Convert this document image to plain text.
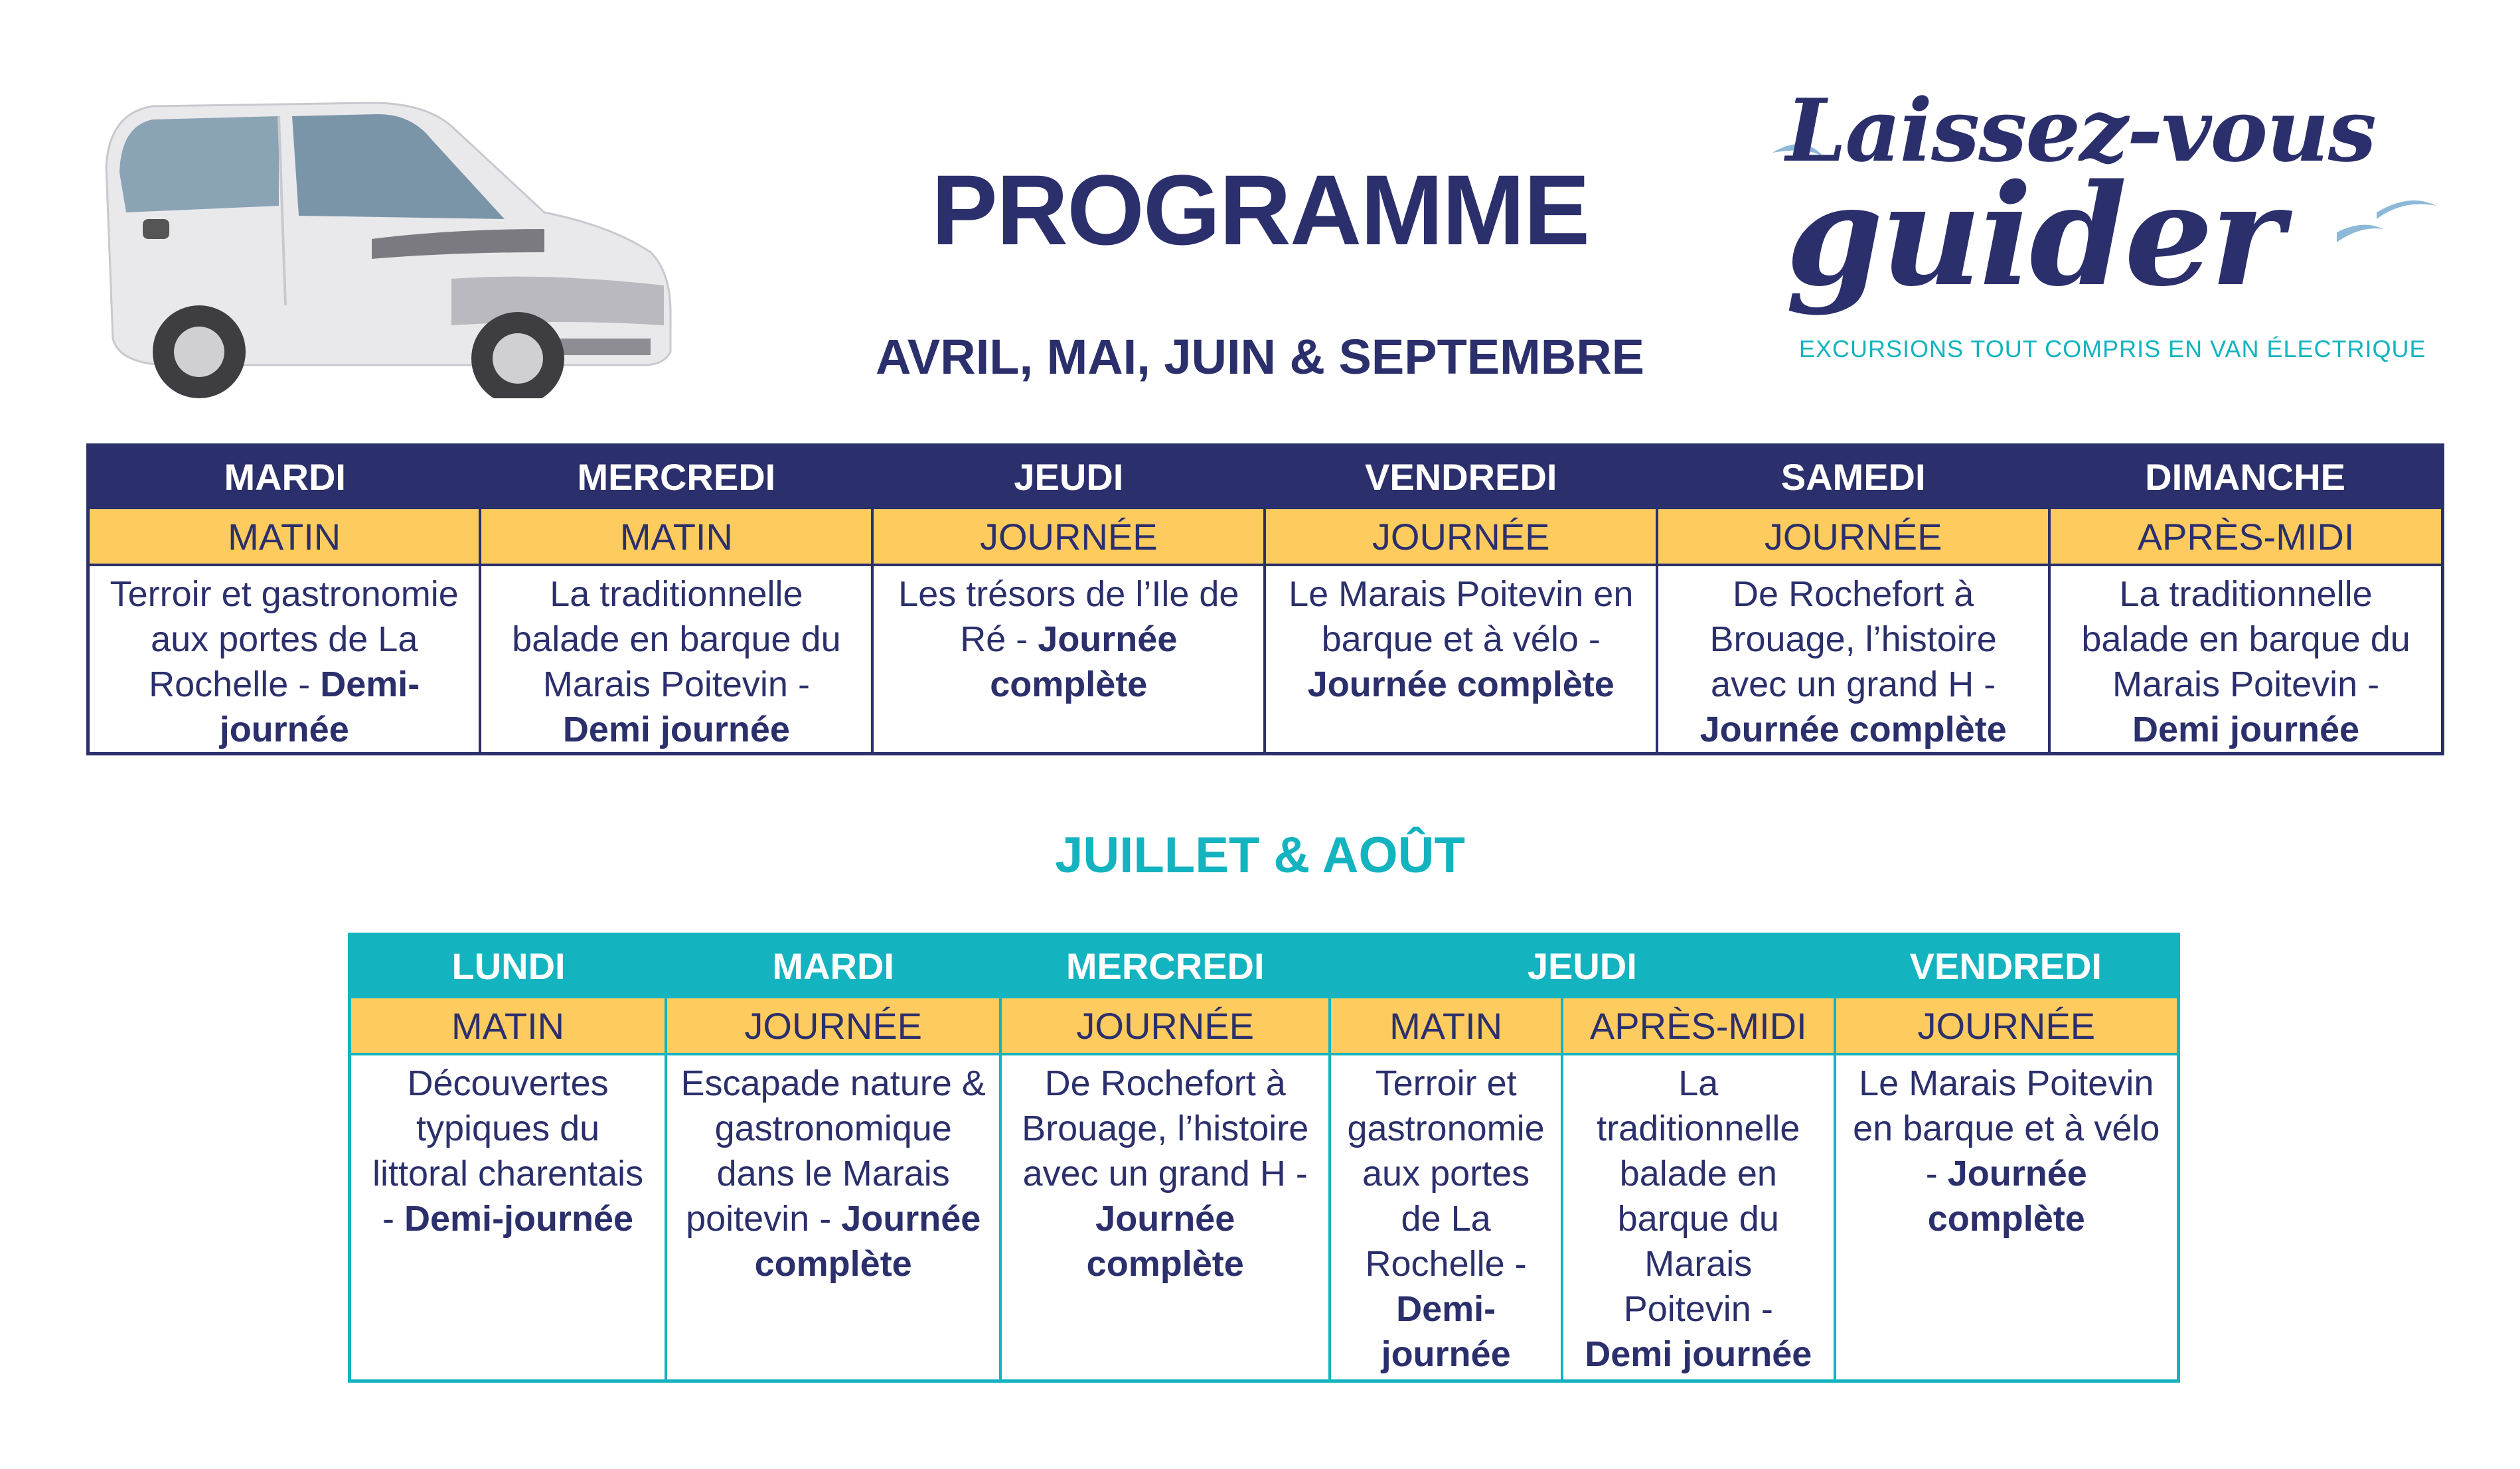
PROGRAMME
AVRIL, MAI, JUIN & SEPTEMBRE
Laissez-vous
guider
EXCURSIONS TOUT COMPRIS EN VAN ÉLECTRIQUE
MARDI	MERCREDI	JEUDI	VENDREDI	SAMEDI	DIMANCHE
MATIN	MATIN	JOURNÉE	JOURNÉE	JOURNÉE	APRÈS-MIDI
Terroir et gastronomie aux portes de La Rochelle - Demi-journée	La traditionnelle balade en barque du Marais Poitevin - Demi journée	Les trésors de l’Ile de Ré - Journée complète	Le Marais Poitevin en barque et à vélo - Journée complète	De Rochefort à Brouage, l’histoire avec un grand H - Journée complète	La traditionnelle balade en barque du Marais Poitevin - Demi journée
JUILLET & AOÛT
LUNDI	MARDI	MERCREDI	JEUDI		VENDREDI
MATIN	JOURNÉE	JOURNÉE	MATIN	APRÈS-MIDI	JOURNÉE
Découvertes typiques du littoral charentais - Demi-journée	Escapade nature & gastronomique dans le Marais poitevin - Journée complète	De Rochefort à Brouage, l’histoire avec un grand H - Journée complète	Terroir et gastronomie aux portes de La Rochelle - Demi-journée	La traditionnelle balade en barque du Marais Poitevin - Demi journée	Le Marais Poitevin en barque et à vélo - Journée complète
